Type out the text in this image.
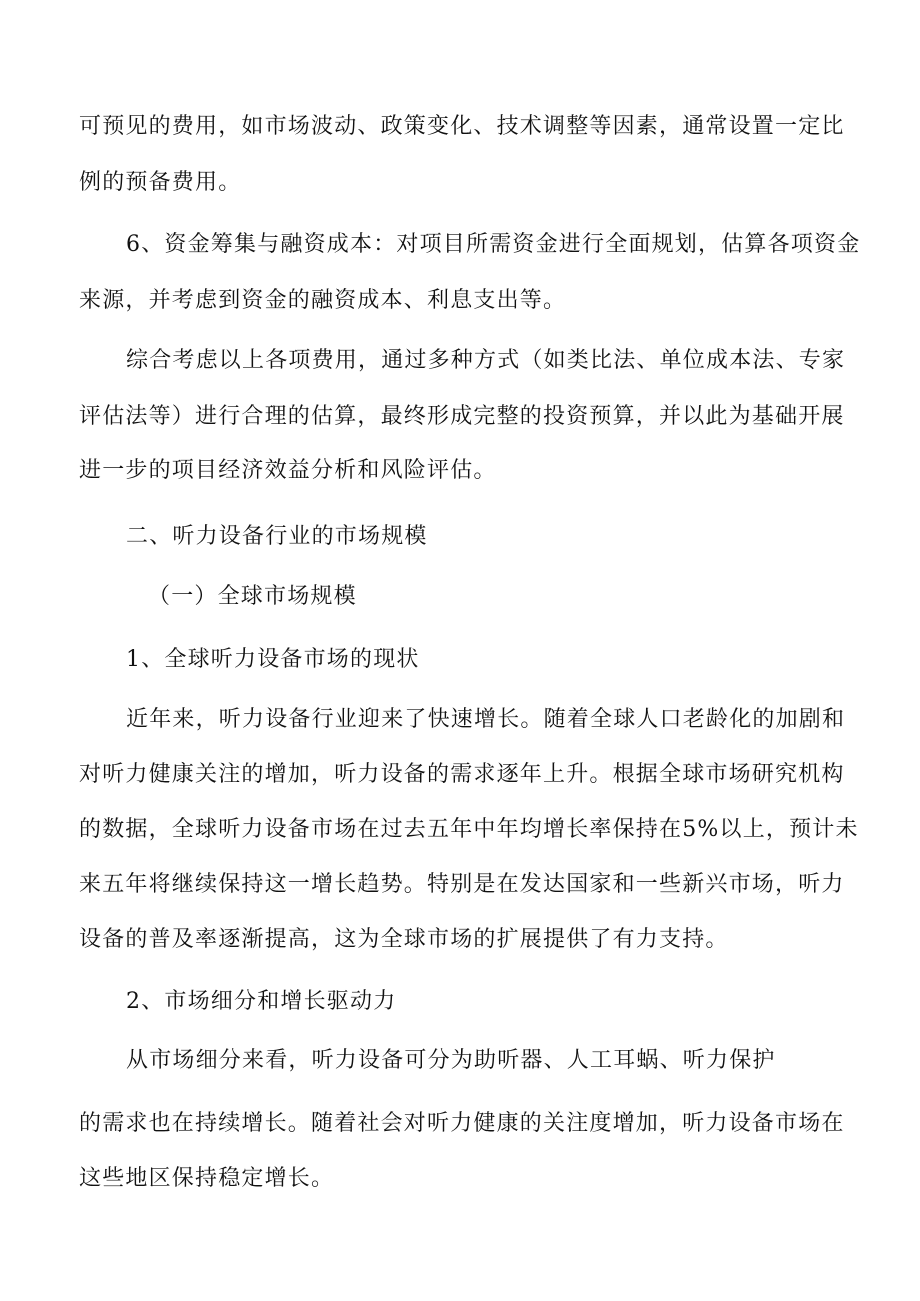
可预见的费用，如市场波动、政策变化、技术调整等因素，通常设置一定比
例的预备费用。
6、资金筹集与融资成本：对项目所需资金进行全面规划，估算各项资金
来源，并考虑到资金的融资成本、利息支出等。
综合考虑以上各项费用，通过多种方式（如类比法、单位成本法、专家
评估法等）进行合理的估算，最终形成完整的投资预算，并以此为基础开展
进一步的项目经济效益分析和风险评估。
二、听力设备行业的市场规模
（一）全球市场规模
1、全球听力设备市场的现状
近年来，听力设备行业迎来了快速增长。随着全球人口老龄化的加剧和
对听力健康关注的增加，听力设备的需求逐年上升。根据全球市场研究机构
的数据，全球听力设备市场在过去五年中年均增长率保持在5%以上，预计未
来五年将继续保持这一增长趋势。特别是在发达国家和一些新兴市场，听力
设备的普及率逐渐提高，这为全球市场的扩展提供了有力支持。
2、市场细分和增长驱动力
从市场细分来看，听力设备可分为助听器、人工耳蜗、听力保护
的需求也在持续增长。随着社会对听力健康的关注度增加，听力设备市场在
这些地区保持稳定增长。
